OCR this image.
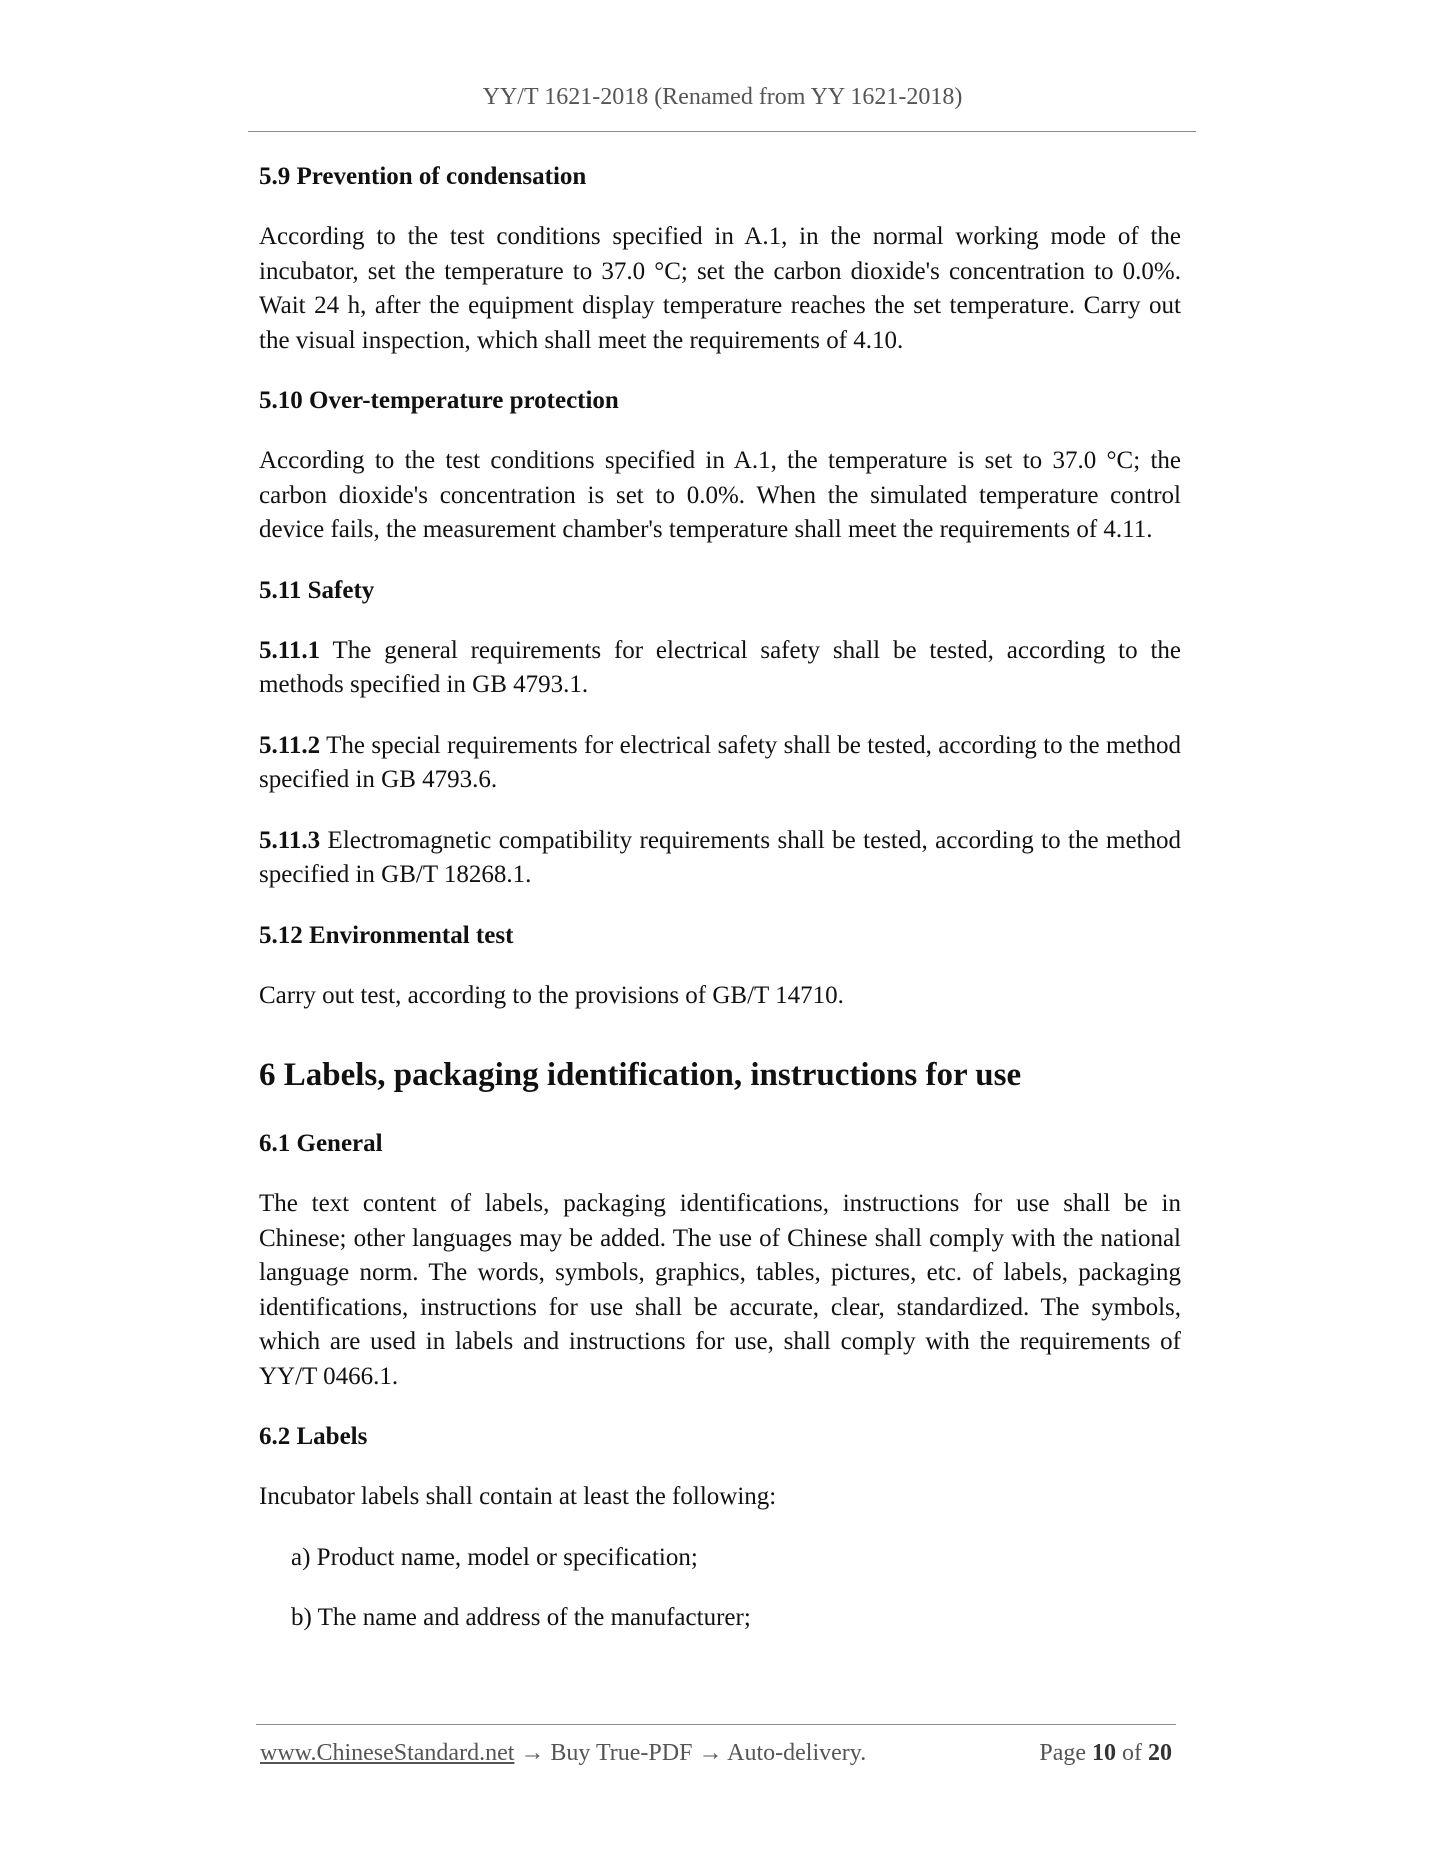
YY/T 1621-2018 (Renamed from YY 1621-2018)
5.9 Prevention of condensation
According to the test conditions specified in A.1, in the normal working mode of the incubator, set the temperature to 37.0 °C; set the carbon dioxide's concentration to 0.0%. Wait 24 h, after the equipment display temperature reaches the set temperature. Carry out the visual inspection, which shall meet the requirements of 4.10.
5.10 Over-temperature protection
According to the test conditions specified in A.1, the temperature is set to 37.0 °C; the carbon dioxide's concentration is set to 0.0%. When the simulated temperature control device fails, the measurement chamber's temperature shall meet the requirements of 4.11.
5.11 Safety
5.11.1 The general requirements for electrical safety shall be tested, according to the methods specified in GB 4793.1.
5.11.2 The special requirements for electrical safety shall be tested, according to the method specified in GB 4793.6.
5.11.3 Electromagnetic compatibility requirements shall be tested, according to the method specified in GB/T 18268.1.
5.12 Environmental test
Carry out test, according to the provisions of GB/T 14710.
6 Labels, packaging identification, instructions for use
6.1 General
The text content of labels, packaging identifications, instructions for use shall be in Chinese; other languages may be added. The use of Chinese shall comply with the national language norm. The words, symbols, graphics, tables, pictures, etc. of labels, packaging identifications, instructions for use shall be accurate, clear, standardized. The symbols, which are used in labels and instructions for use, shall comply with the requirements of YY/T 0466.1.
6.2 Labels
Incubator labels shall contain at least the following:
a) Product name, model or specification;
b) The name and address of the manufacturer;
www.ChineseStandard.net → Buy True-PDF → Auto-delivery.	Page 10 of 20
